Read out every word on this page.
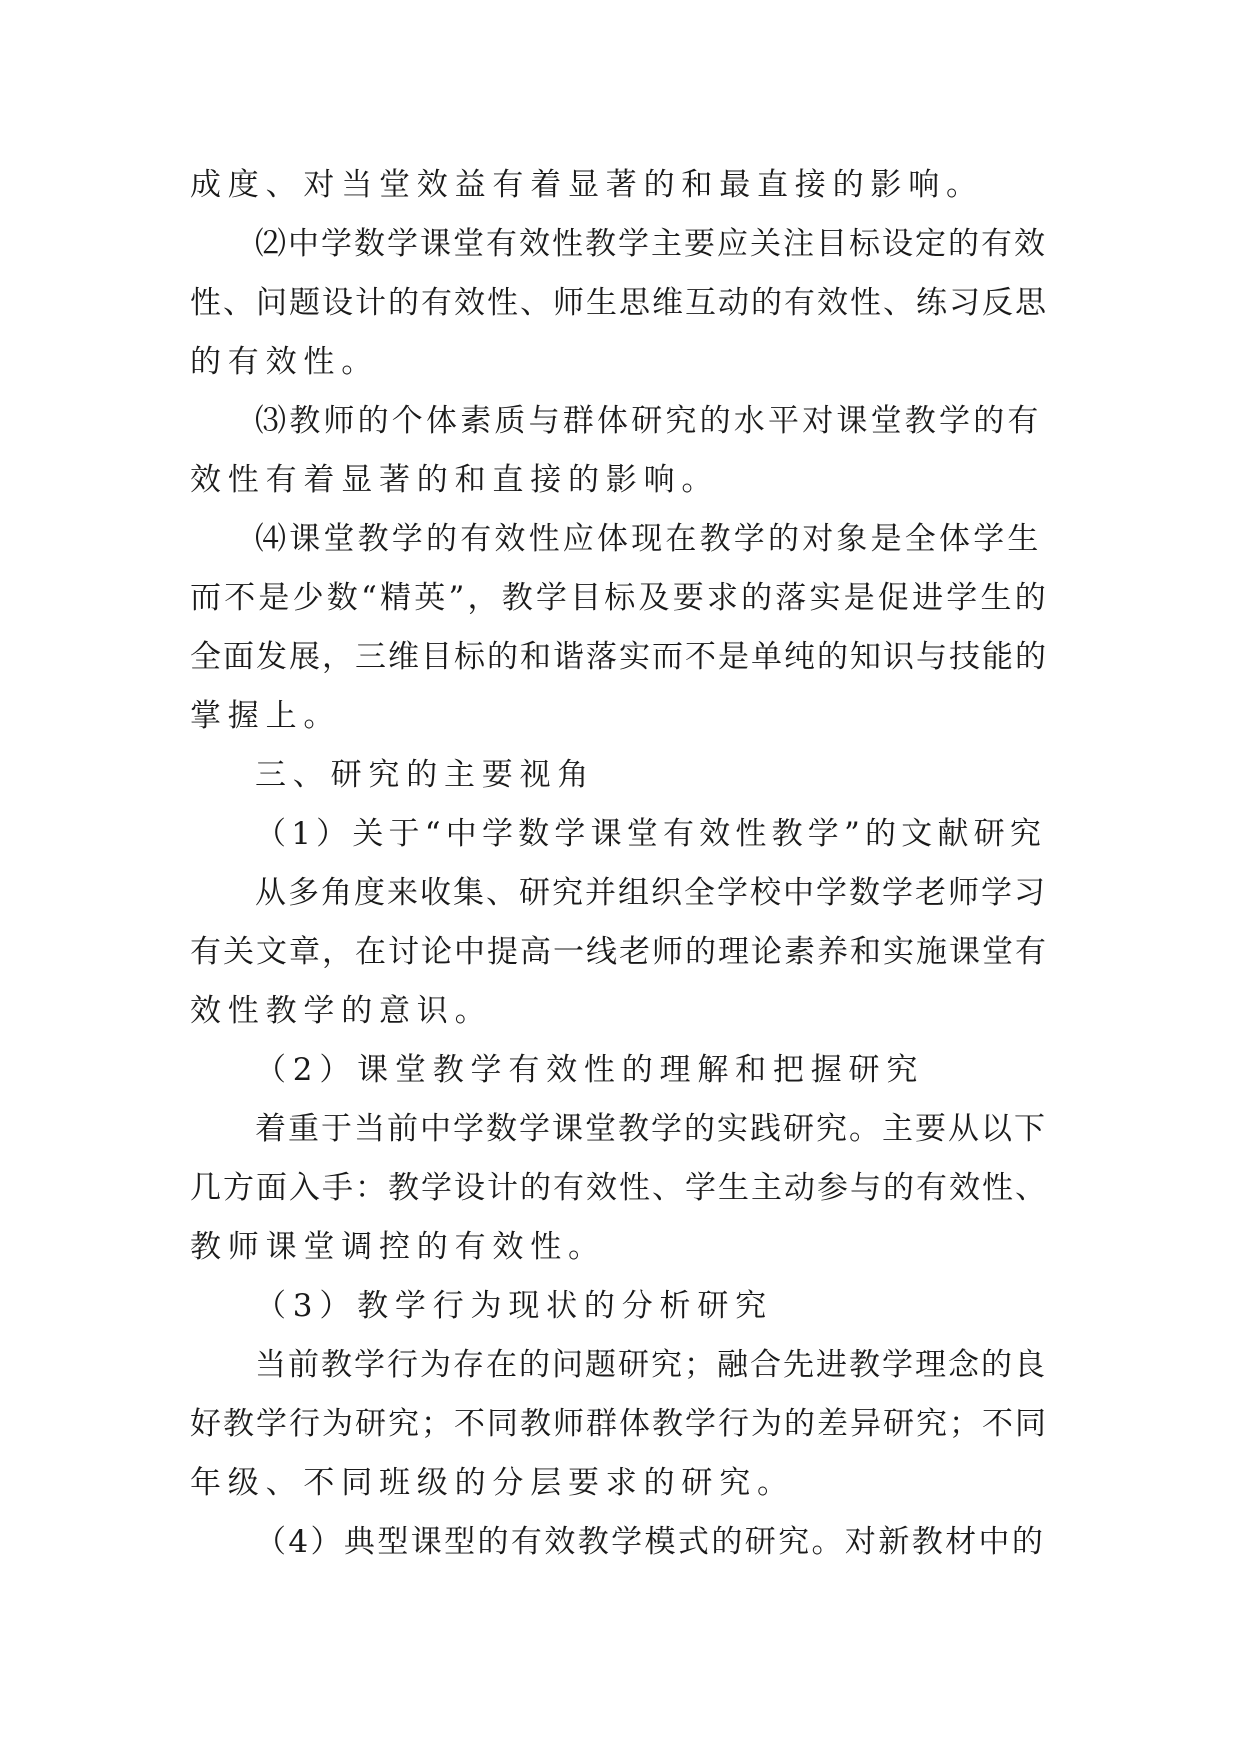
成度、对当堂效益有着显著的和最直接的影响。
⑵中学数学课堂有效性教学主要应关注目标设定的有效
性、问题设计的有效性、师生思维互动的有效性、练习反思
的有效性。
⑶教师的个体素质与群体研究的水平对课堂教学的有
效性有着显著的和直接的影响。
⑷课堂教学的有效性应体现在教学的对象是全体学生
而不是少数“精英”，教学目标及要求的落实是促进学生的
全面发展，三维目标的和谐落实而不是单纯的知识与技能的
掌握上。
三、研究的主要视角
（1）关于“中学数学课堂有效性教学”的文献研究
从多角度来收集、研究并组织全学校中学数学老师学习
有关文章，在讨论中提高一线老师的理论素养和实施课堂有
效性教学的意识。
（2）课堂教学有效性的理解和把握研究
着重于当前中学数学课堂教学的实践研究。主要从以下
几方面入手：教学设计的有效性、学生主动参与的有效性、
教师课堂调控的有效性。
（3）教学行为现状的分析研究
当前教学行为存在的问题研究；融合先进教学理念的良
好教学行为研究；不同教师群体教学行为的差异研究；不同
年级、不同班级的分层要求的研究。
（4）典型课型的有效教学模式的研究。对新教材中的
